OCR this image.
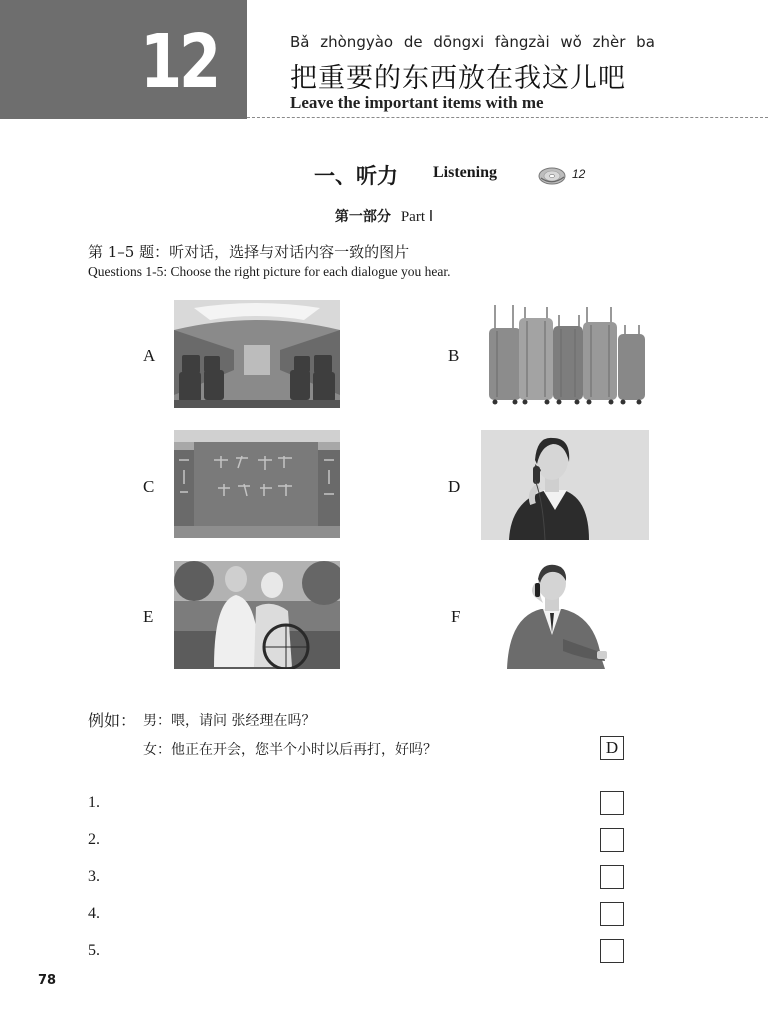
12	Bǎ zhòngyào de dōngxi fàngzài wǒ zhèr ba
把重要的东西放在我这儿吧
Leave the important items with me
一、听力 Listening	12
第一部分 Part Ⅰ
第 1–5 题：听对话，选择与对话内容一致的图片
Questions 1-5: Choose the right picture for each dialogue you hear.
A	B
C	D
E	F
例如： 男：喂，请问 张经理在吗？
女：他正在开会，您半个小时以后再打，好吗？	D
1.
2.
3.
4.
5.
78
